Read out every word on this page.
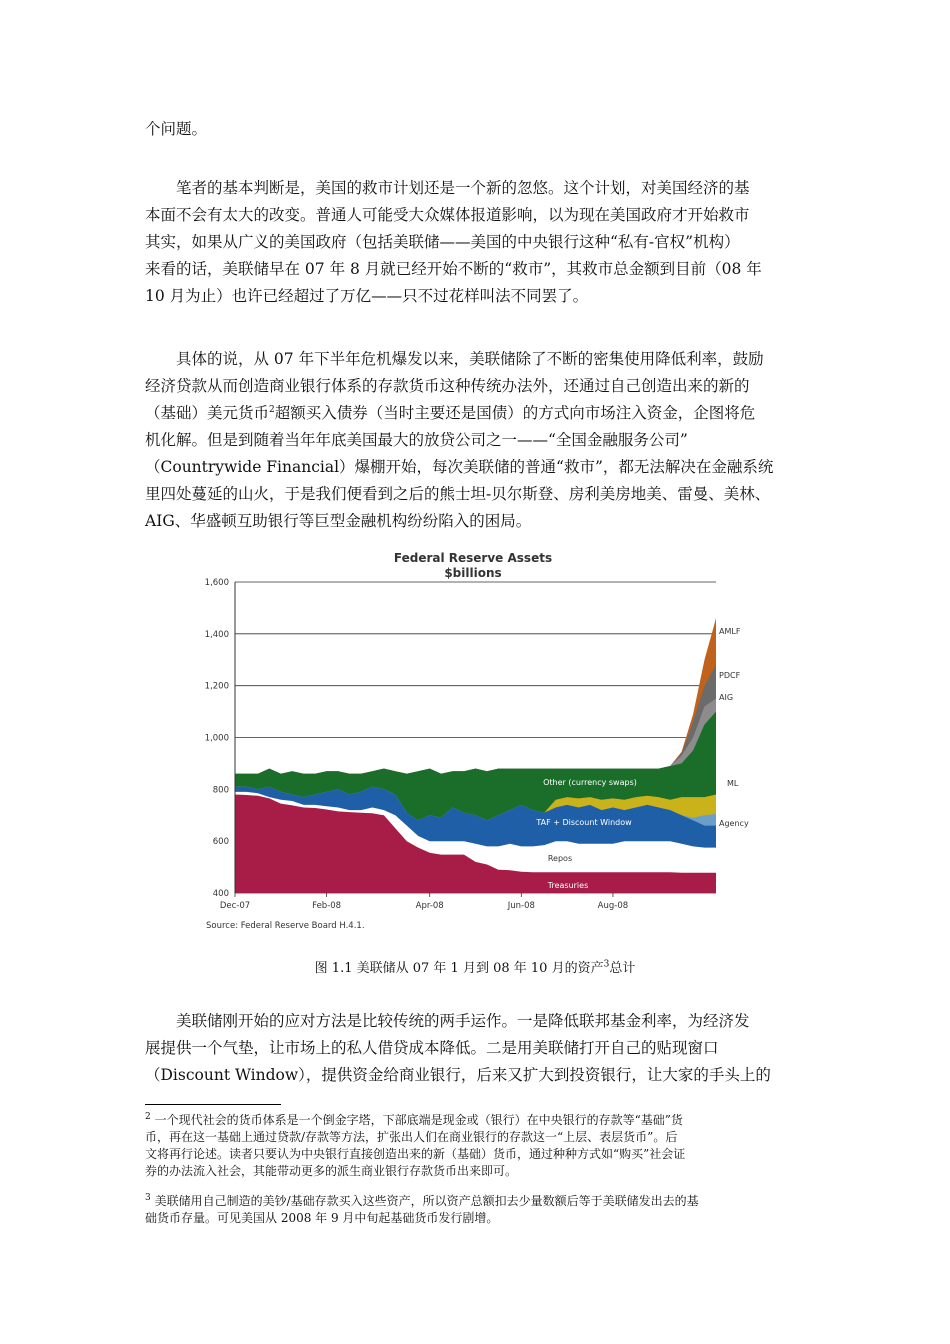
个问题。

笔者的基本判断是，美国的救市计划还是一个新的忽悠。这个计划，对美国经济的基
本面不会有太大的改变。普通人可能受大众媒体报道影响，以为现在美国政府才开始救市
其实，如果从广义的美国政府（包括美联储——美国的中央银行这种“私有-官权”机构）
来看的话，美联储早在 07 年 8 月就已经开始不断的“救市”，其救市总金额到目前（08 年
10 月为止）也许已经超过了万亿——只不过花样叫法不同罢了。

具体的说，从 07 年下半年危机爆发以来，美联储除了不断的密集使用降低利率，鼓励
经济贷款从而创造商业银行体系的存款货币这种传统办法外，还通过自己创造出来的新的
（基础）美元货币$^2$超额买入债券（当时主要还是国债）的方式向市场注入资金，企图将危
机化解。但是到随着当年年底美国最大的放贷公司之一——“全国金融服务公司”
（Countrywide Financial）爆棚开始，每次美联储的普通“救市”，都无法解决在金融系统
里四处蔓延的山火，于是我们便看到之后的熊士坦-贝尔斯登、房利美房地美、雷曼、美林、
AIG、华盛顿互助银行等巨型金融机构纷纷陷入的困局。

Federal Reserve Assets
$billions
Other (currency swaps)
TAF + Discount Window
Repos
Treasuries
400
600
800
1,000
1,200
1,400
1,600
Dec-07	Feb-08	Apr-08	Jun-08	Aug-08
AMLF
PDCF
AIG
ML
Agency
Source: Federal Reserve Board H.4.1.
图 1.1 美联储从 07 年 1 月到 08 年 10 月的资产$^3$总计

美联储刚开始的应对方法是比较传统的两手运作。一是降低联邦基金利率，为经济发
展提供一个气垫，让市场上的私人借贷成本降低。二是用美联储打开自己的贴现窗口
（Discount Window），提供资金给商业银行，后来又扩大到投资银行，让大家的手头上的

$^2$ 一个现代社会的货币体系是一个倒金字塔，下部底端是现金或（银行）在中央银行的存款等“基础”货
币，再在这一基础上通过贷款/存款等方法，扩张出人们在商业银行的存款这一“上层、表层货币”。后
文将再行论述。读者只要认为中央银行直接创造出来的新（基础）货币，通过种种方式如“购买”社会证
券的办法流入社会，其能带动更多的派生商业银行存款货币出来即可。

$^3$ 美联储用自己制造的美钞/基础存款买入这些资产，所以资产总额扣去少量数额后等于美联储发出去的基
础货币存量。可见美国从 2008 年 9 月中旬起基础货币发行剧增。
